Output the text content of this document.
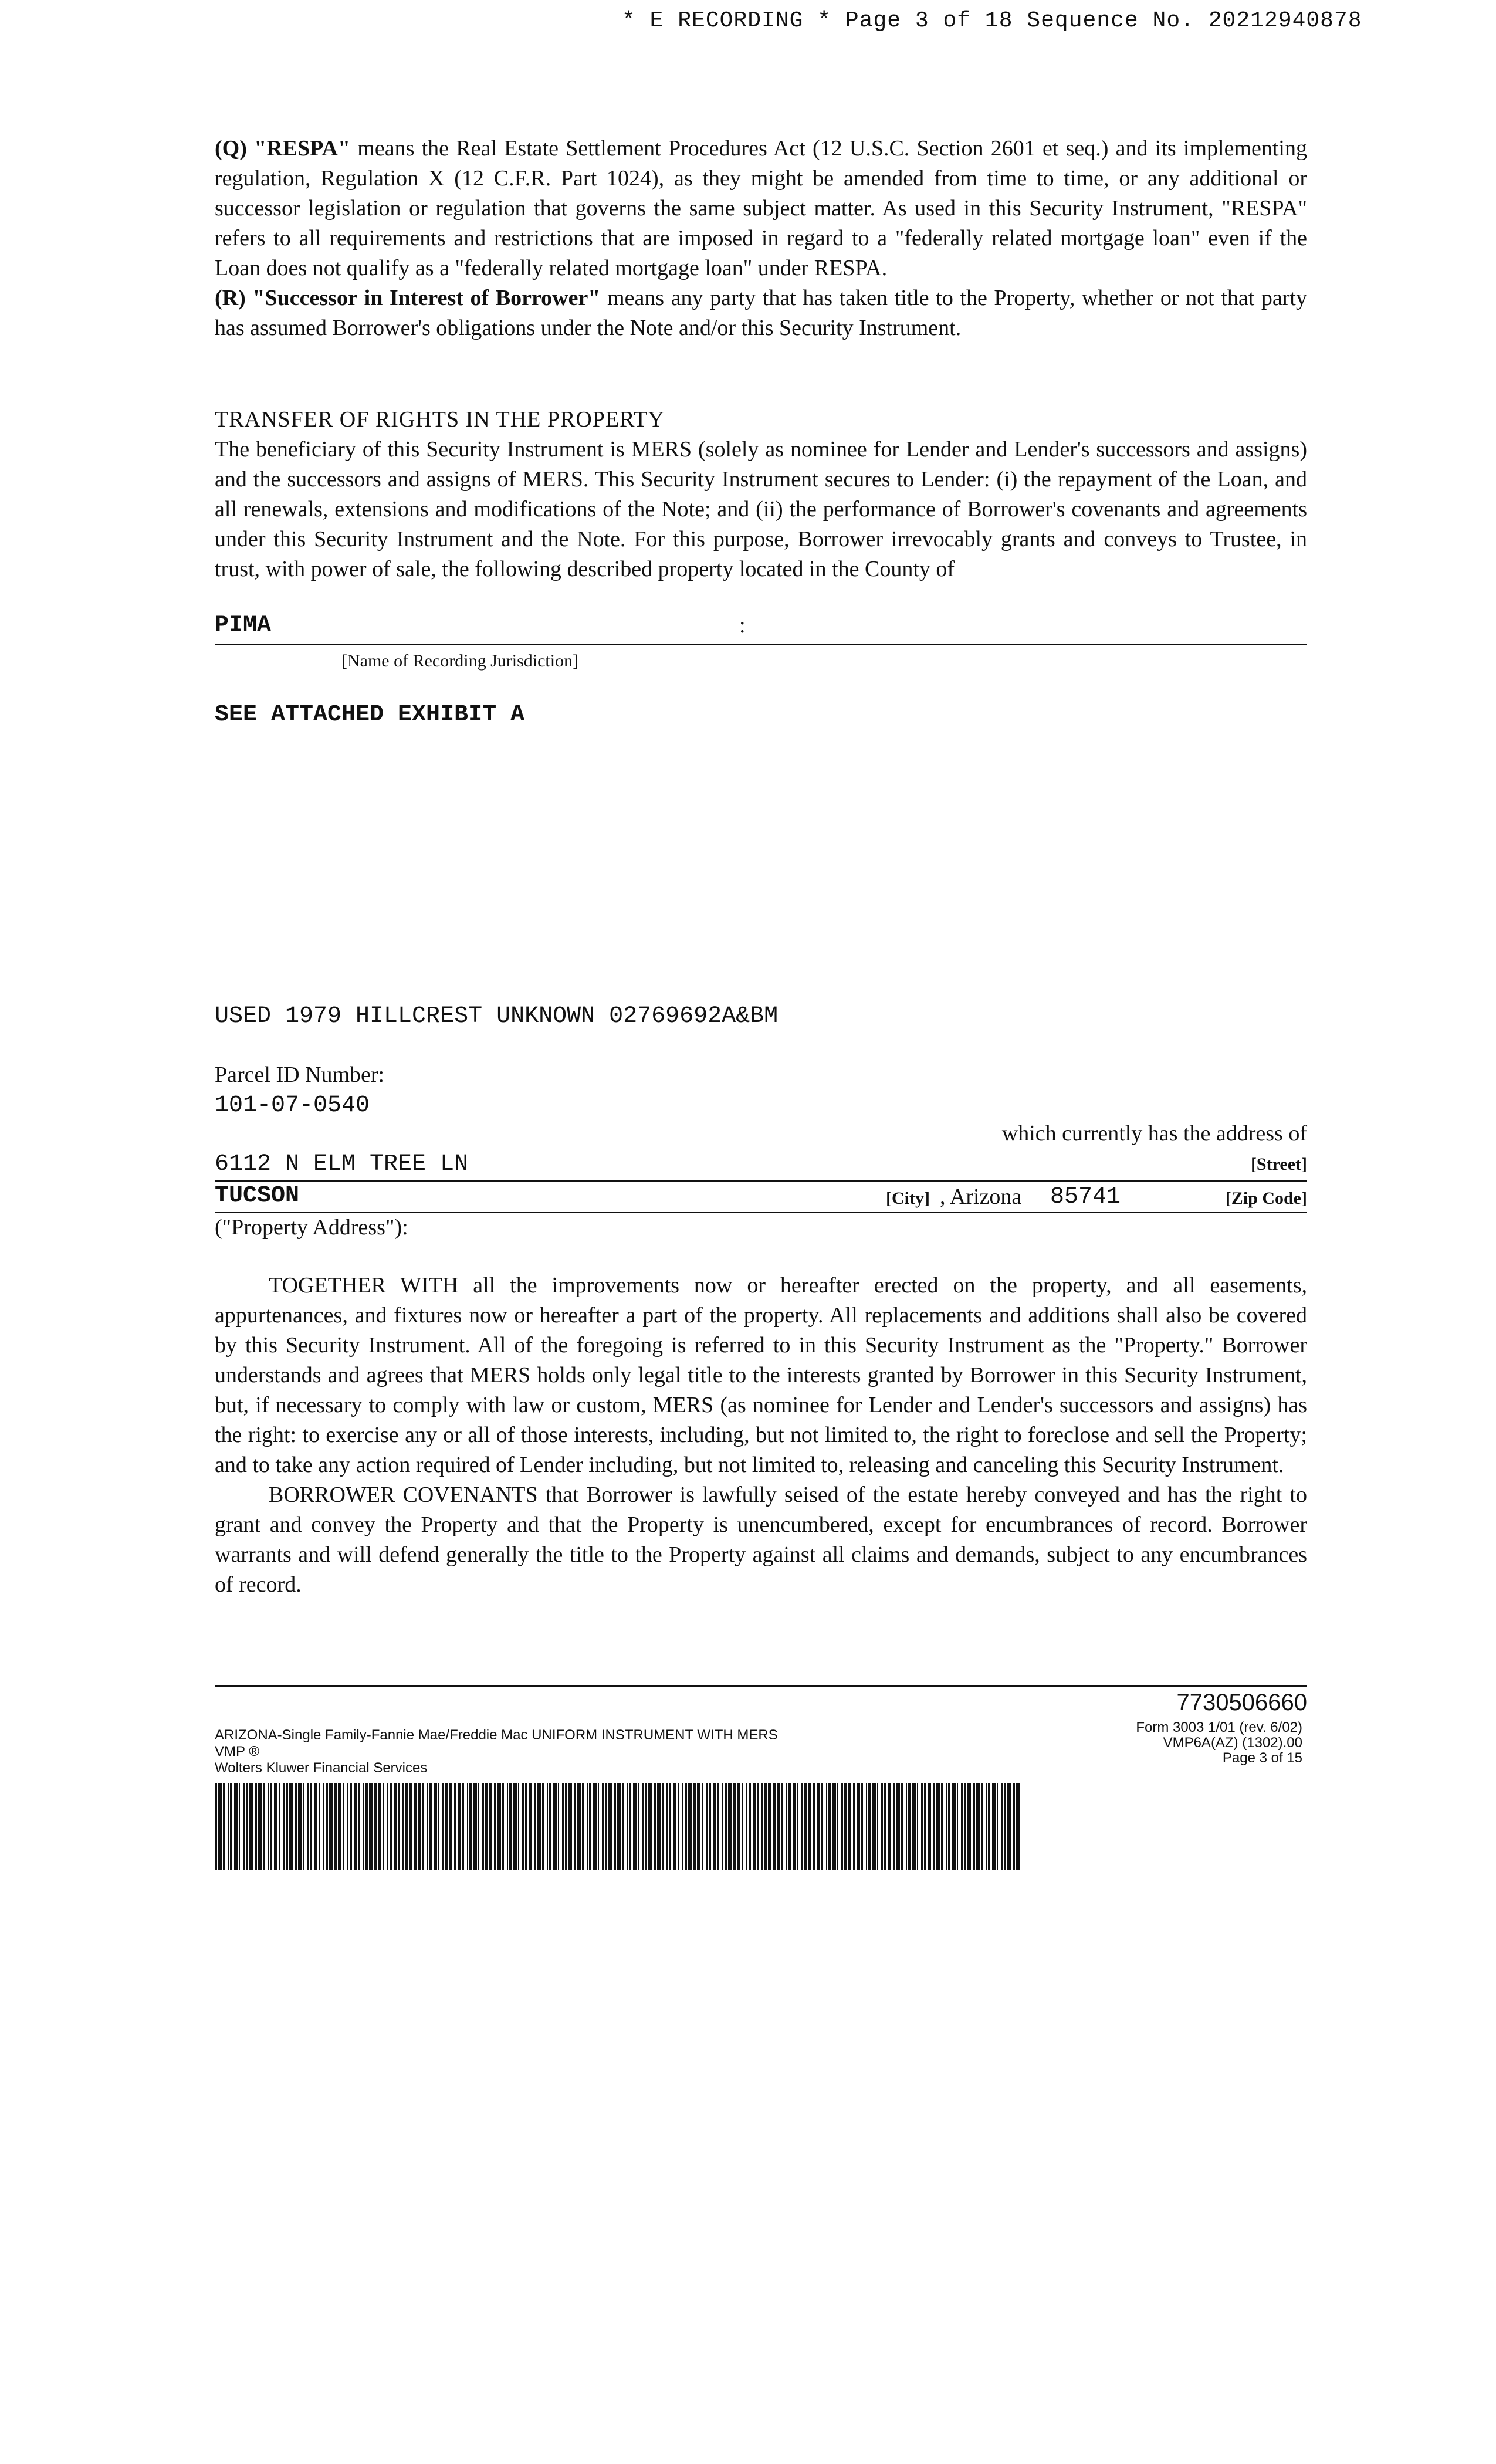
* E RECORDING * Page 3 of 18 Sequence No. 20212940878

(Q) "RESPA" means the Real Estate Settlement Procedures Act (12 U.S.C. Section 2601 et seq.) and its implementing regulation, Regulation X (12 C.F.R. Part 1024), as they might be amended from time to time, or any additional or successor legislation or regulation that governs the same subject matter. As used in this Security Instrument, "RESPA" refers to all requirements and restrictions that are imposed in regard to a "federally related mortgage loan" even if the Loan does not qualify as a "federally related mortgage loan" under RESPA.

(R) "Successor in Interest of Borrower" means any party that has taken title to the Property, whether or not that party has assumed Borrower's obligations under the Note and/or this Security Instrument.

TRANSFER OF RIGHTS IN THE PROPERTY
The beneficiary of this Security Instrument is MERS (solely as nominee for Lender and Lender's successors and assigns) and the successors and assigns of MERS. This Security Instrument secures to Lender: (i) the repayment of the Loan, and all renewals, extensions and modifications of the Note; and (ii) the performance of Borrower's covenants and agreements under this Security Instrument and the Note. For this purpose, Borrower irrevocably grants and conveys to Trustee, in trust, with power of sale, the following described property located in the County of
PIMA	:
[Name of Recording Jurisdiction]
SEE ATTACHED EXHIBIT A
USED 1979 HILLCREST UNKNOWN 02769692A&BM
Parcel ID Number:
101-07-0540
which currently has the address of
6112 N ELM TREE LN	[Street]
TUCSON	[City] , Arizona 85741	[Zip Code]
("Property Address"):

TOGETHER WITH all the improvements now or hereafter erected on the property, and all easements, appurtenances, and fixtures now or hereafter a part of the property. All replacements and additions shall also be covered by this Security Instrument. All of the foregoing is referred to in this Security Instrument as the "Property." Borrower understands and agrees that MERS holds only legal title to the interests granted by Borrower in this Security Instrument, but, if necessary to comply with law or custom, MERS (as nominee for Lender and Lender's successors and assigns) has the right: to exercise any or all of those interests, including, but not limited to, the right to foreclose and sell the Property; and to take any action required of Lender including, but not limited to, releasing and canceling this Security Instrument.

BORROWER COVENANTS that Borrower is lawfully seised of the estate hereby conveyed and has the right to grant and convey the Property and that the Property is unencumbered, except for encumbrances of record. Borrower warrants and will defend generally the title to the Property against all claims and demands, subject to any encumbrances of record.

7730506660
ARIZONA-Single Family-Fannie Mae/Freddie Mac UNIFORM INSTRUMENT WITH MERS
VMP ®
Wolters Kluwer Financial Services
Form 3003 1/01 (rev. 6/02)
VMP6A(AZ) (1302).00
Page 3 of 15
